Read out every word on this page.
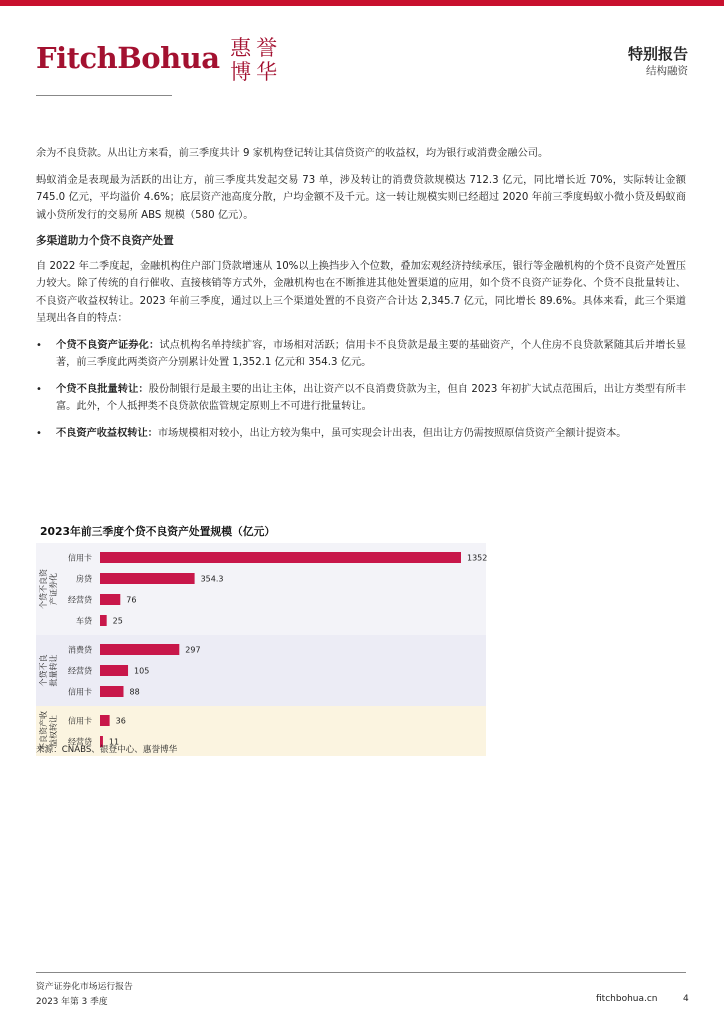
FitchBohua 惠 誉
博 华
特别报告
结构融资

余为不良贷款。从出让方来看，前三季度共计 9 家机构登记转让其信贷资产的收益权，均为银行或消费金融公司。

蚂蚁消金是表现最为活跃的出让方，前三季度共发起交易 73 单，涉及转让的消费贷款规模达 712.3 亿元，同比增长近 70%，实际转让金额 745.0 亿元，平均溢价 4.6%；底层资产池高度分散，户均金额不及千元。这一转让规模实则已经超过 2020 年前三季度蚂蚁小微小贷及蚂蚁商诚小贷所发行的交易所 ABS 规模（580 亿元）。

多渠道助力个贷不良资产处置

自 2022 年二季度起，金融机构住户部门贷款增速从 10%以上换挡步入个位数，叠加宏观经济持续承压，银行等金融机构的个贷不良资产处置压力较大。除了传统的自行催收、直接核销等方式外，金融机构也在不断推进其他处置渠道的应用，如个贷不良资产证券化、个贷不良批量转让、不良资产收益权转让。2023 年前三季度，通过以上三个渠道处置的不良资产合计达 2,345.7 亿元，同比增长 89.6%。具体来看，此三个渠道呈现出各自的特点：

• 个贷不良资产证券化：试点机构名单持续扩容，市场相对活跃；信用卡不良贷款是最主要的基础资产，个人住房不良贷款紧随其后并增长显著，前三季度此两类资产分别累计处置 1,352.1 亿元和 354.3 亿元。
• 个贷不良批量转让：股份制银行是最主要的出让主体，出让资产以不良消费贷款为主，但自 2023 年初扩大试点范围后，出让方类型有所丰富。此外，个人抵押类不良贷款依监管规定原则上不可进行批量转让。
• 不良资产收益权转让：市场规模相对较小，出让方较为集中，虽可实现会计出表，但出让方仍需按照原信贷资产全额计提资本。
2023年前三季度个贷不良资产处置规模（亿元）
个贷不良资 产证券化
信用卡	1352
房贷	354.3
经营贷	76
车贷	25
个贷不良 批量转让
消费贷	297
经营贷	105
信用卡	88
不良资产收 益权转让 信用卡	36
经营贷 11
来源：CNABS、银登中心、惠誉博华
资产证券化市场运行报告
2023 年第 3 季度	fitchbohua.cn	4
